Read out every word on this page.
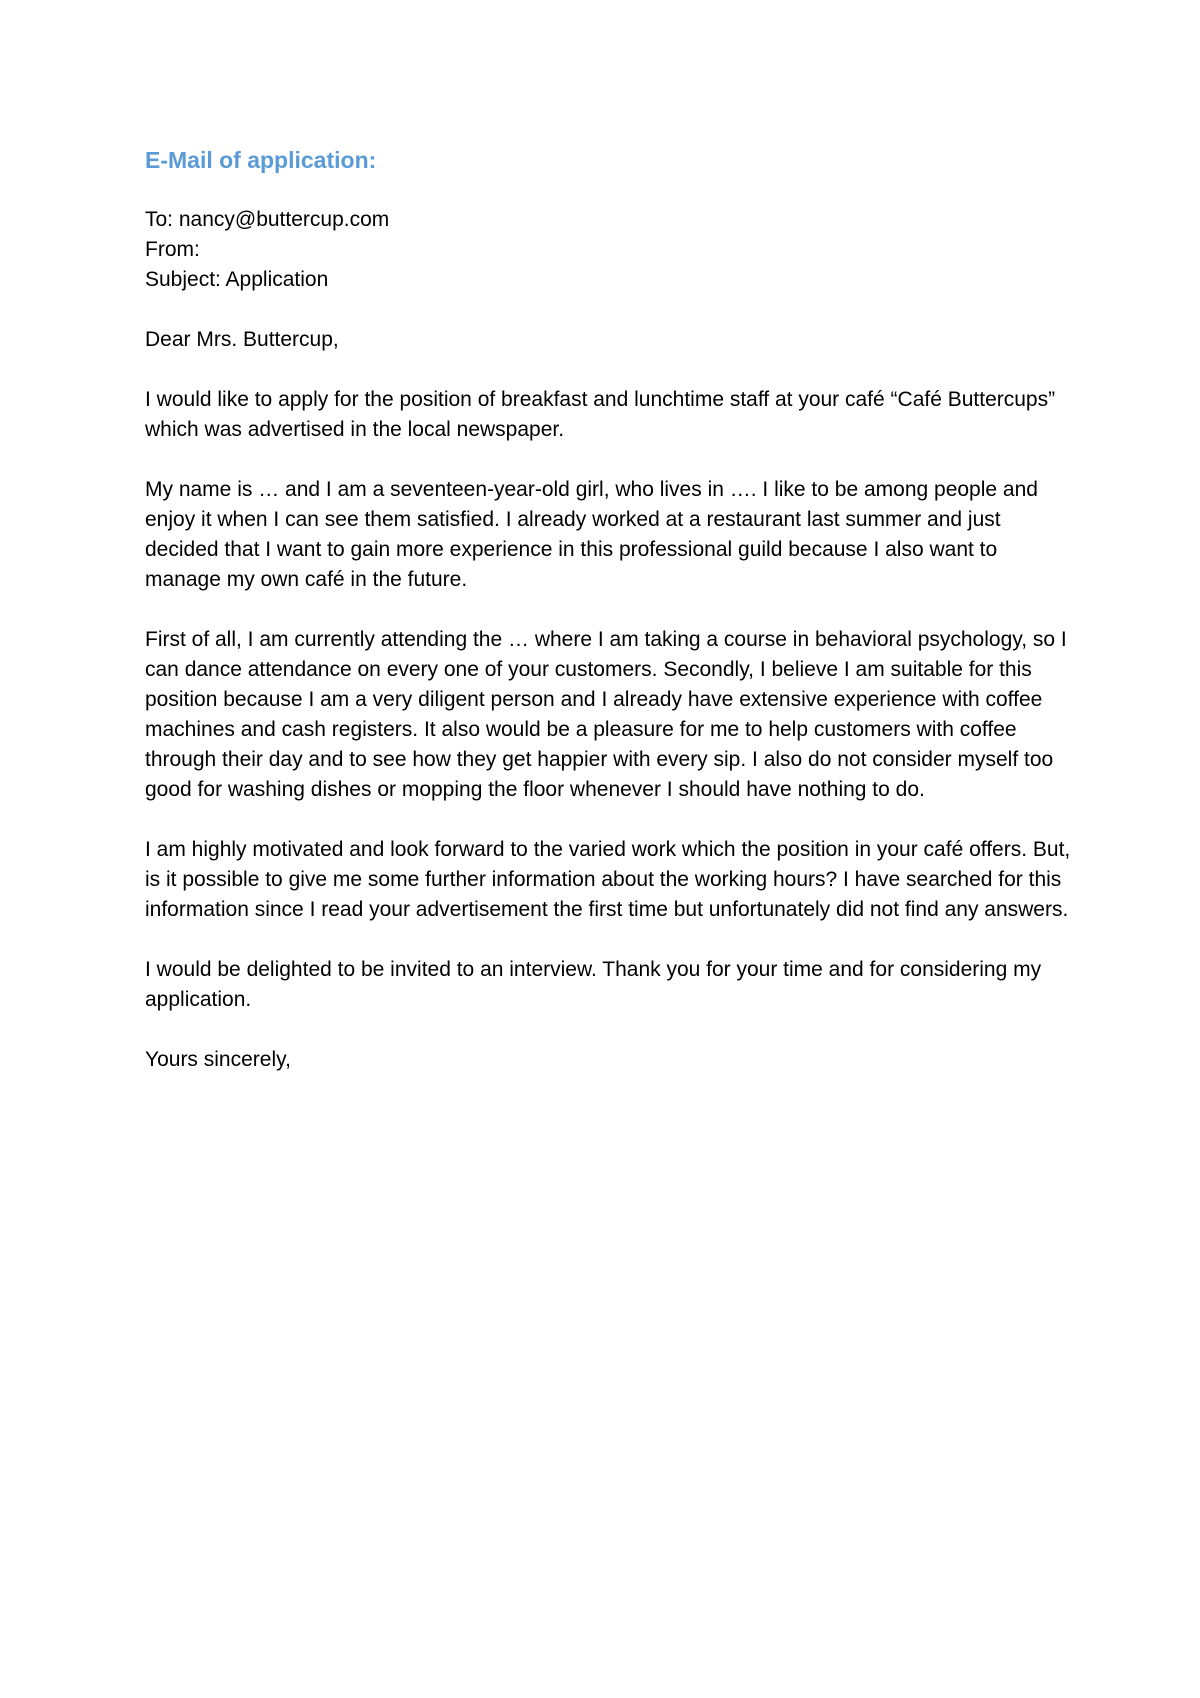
E-Mail of application:
To: nancy@buttercup.com
From:
Subject: Application

Dear Mrs. Buttercup,

I would like to apply for the position of breakfast and lunchtime staff at your café “Café Buttercups” which was advertised in the local newspaper.

My name is … and I am a seventeen-year-old girl, who lives in …. I like to be among people and enjoy it when I can see them satisfied. I already worked at a restaurant last summer and just decided that I want to gain more experience in this professional guild because I also want to manage my own café in the future.

First of all, I am currently attending the … where I am taking a course in behavioral psychology, so I can dance attendance on every one of your customers. Secondly, I believe I am suitable for this position because I am a very diligent person and I already have extensive experience with coffee machines and cash registers. It also would be a pleasure for me to help customers with coffee through their day and to see how they get happier with every sip. I also do not consider myself too good for washing dishes or mopping the floor whenever I should have nothing to do.

I am highly motivated and look forward to the varied work which the position in your café offers. But, is it possible to give me some further information about the working hours? I have searched for this information since I read your advertisement the first time but unfortunately did not find any answers.

I would be delighted to be invited to an interview. Thank you for your time and for considering my application.

Yours sincerely,
